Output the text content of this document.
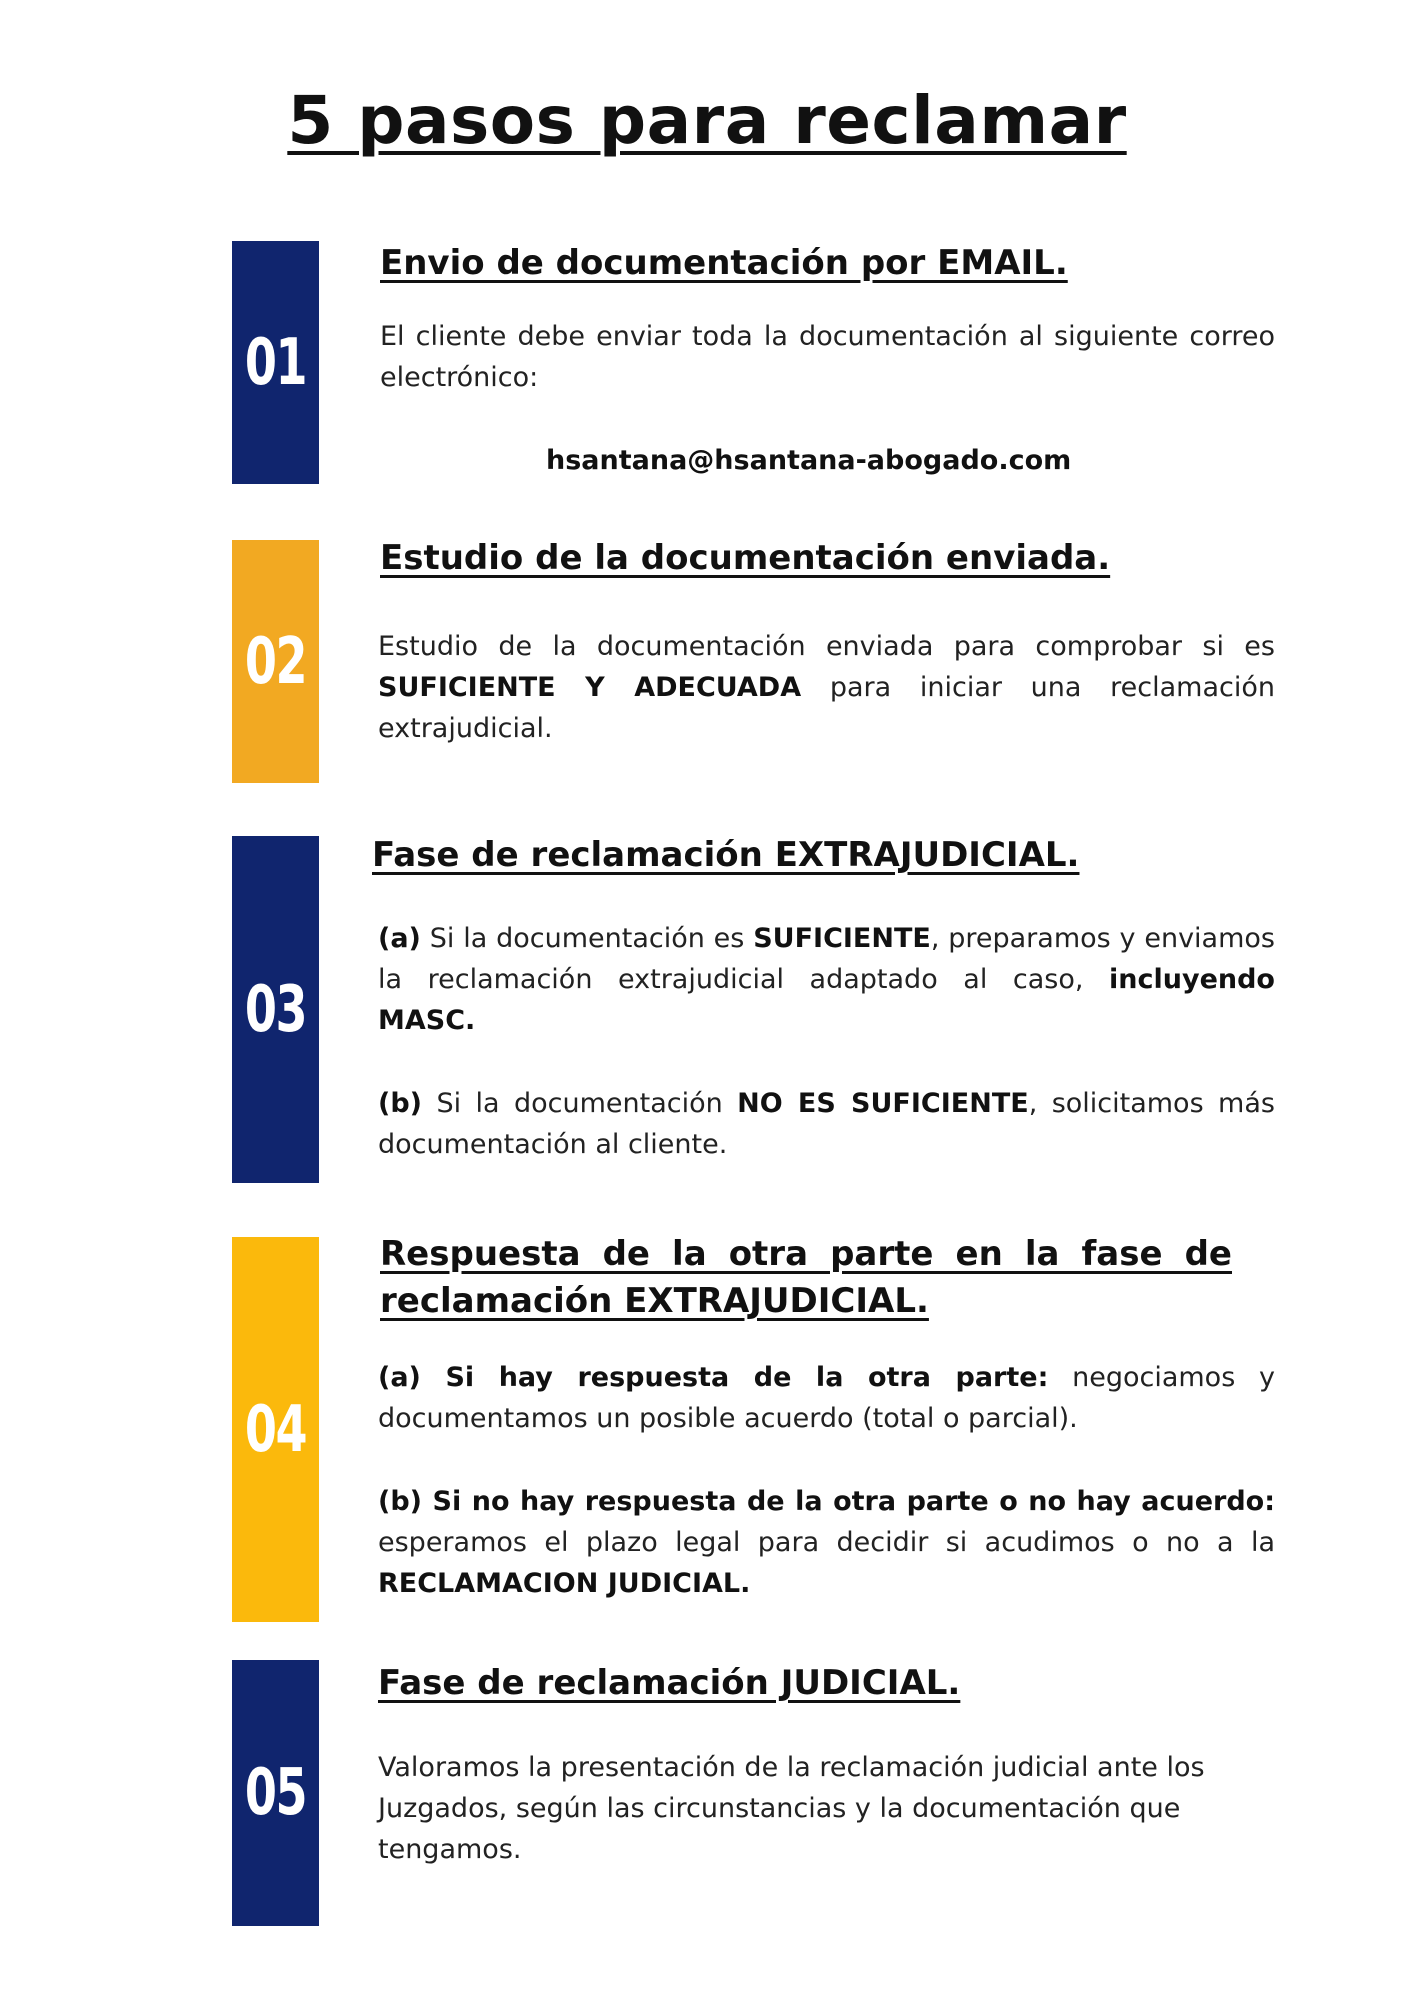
5 pasos para reclamar
01
Envio de documentación por EMAIL.
El cliente debe enviar toda la documentación al siguiente correo electrónico:
hsantana@hsantana-abogado.com
02
Estudio de la documentación enviada.
Estudio de la documentación enviada para comprobar si es SUFICIENTE Y ADECUADA para iniciar una reclamación extrajudicial.
03
Fase de reclamación EXTRAJUDICIAL.
(a) Si la documentación es SUFICIENTE, preparamos y enviamos la reclamación extrajudicial adaptado al caso, incluyendo MASC.
(b) Si la documentación NO ES SUFICIENTE, solicitamos más documentación al cliente.
04
Respuesta de la otra parte en la fase de reclamación EXTRAJUDICIAL.
(a) Si hay respuesta de la otra parte: negociamos y documentamos un posible acuerdo (total o parcial).
(b) Si no hay respuesta de la otra parte o no hay acuerdo: esperamos el plazo legal para decidir si acudimos o no a la RECLAMACION JUDICIAL.
05
Fase de reclamación JUDICIAL.
Valoramos la presentación de la reclamación judicial ante los Juzgados, según las circunstancias y la documentación que tengamos.
